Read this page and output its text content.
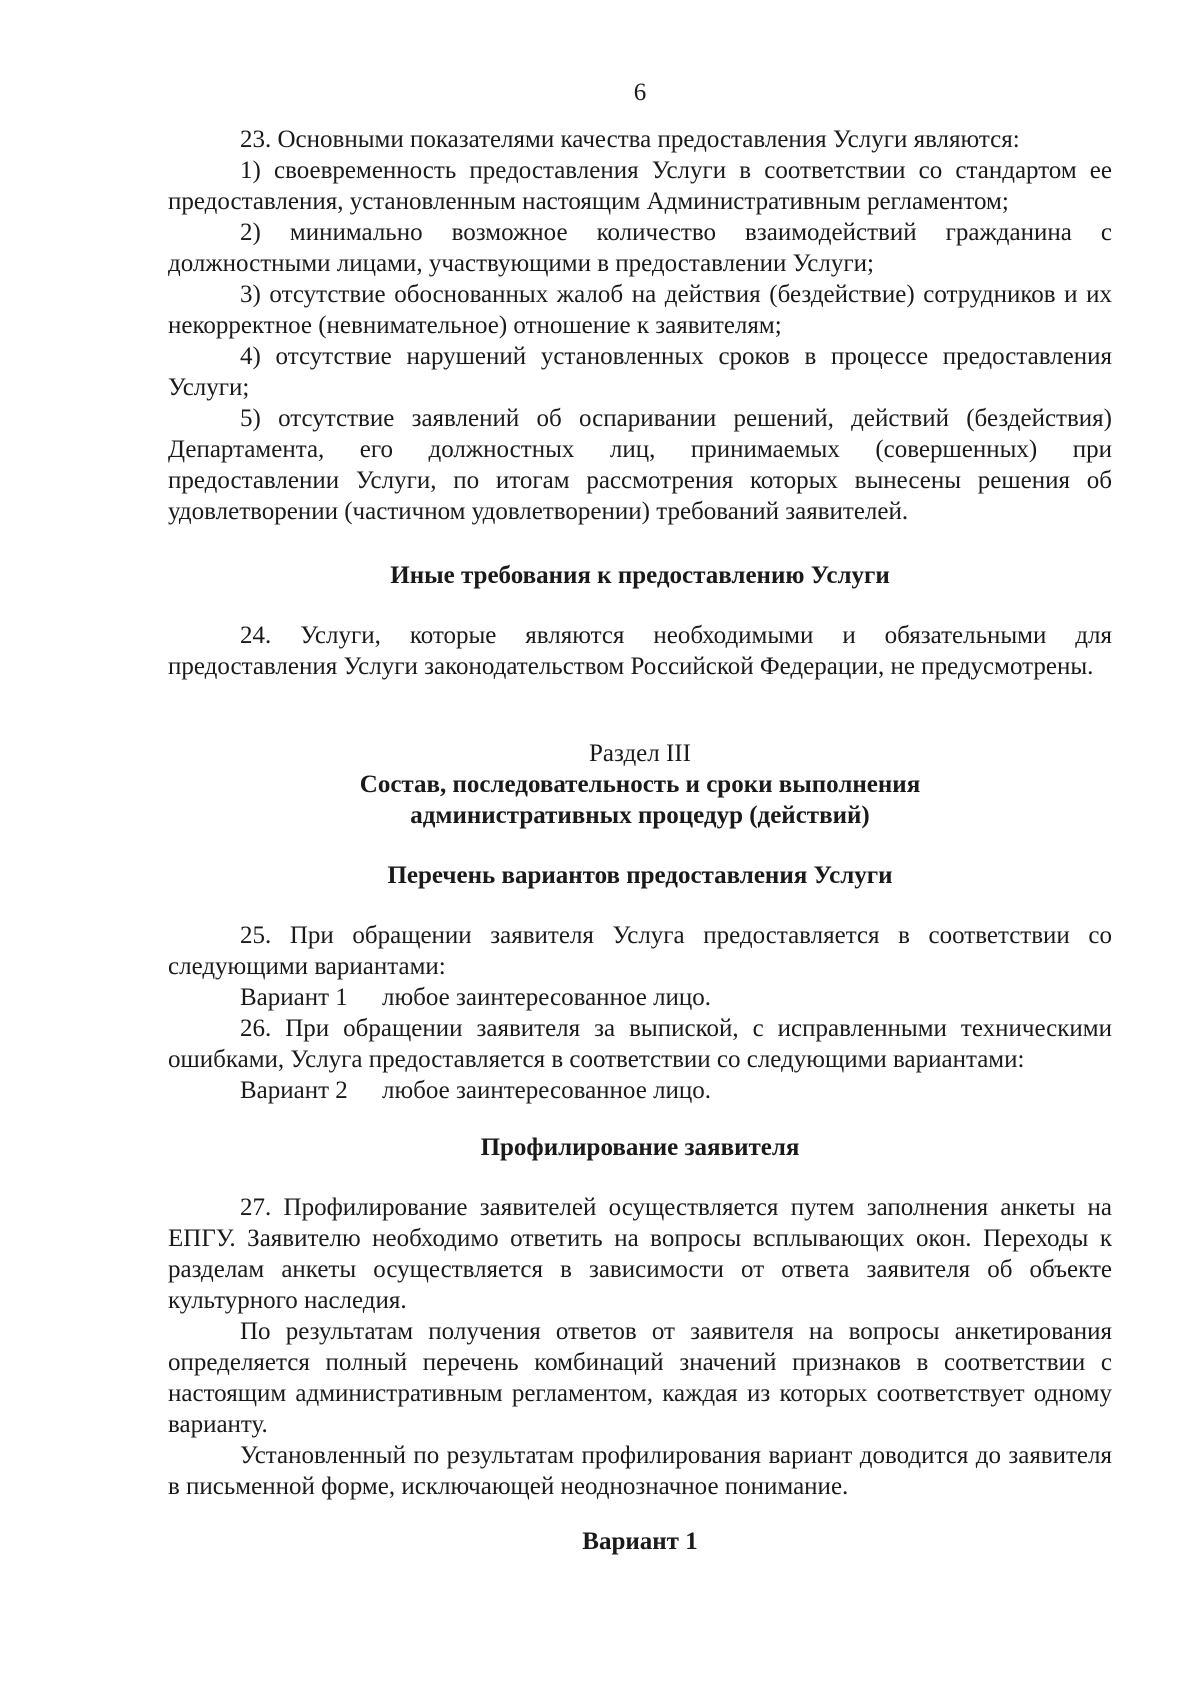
6

23. Основными показателями качества предоставления Услуги являются:

1) своевременность предоставления Услуги в соответствии со стандартом ее предоставления, установленным настоящим Административным регламентом;

2) минимально возможное количество взаимодействий гражданина с должностными лицами, участвующими в предоставлении Услуги;

3) отсутствие обоснованных жалоб на действия (бездействие) сотрудников и их некорректное (невнимательное) отношение к заявителям;

4) отсутствие нарушений установленных сроков в процессе предоставления Услуги;

5) отсутствие заявлений об оспаривании решений, действий (бездействия) Департамента, его должностных лиц, принимаемых (совершенных) при предоставлении Услуги, по итогам рассмотрения которых вынесены решения об удовлетворении (частичном удовлетворении) требований заявителей.

Иные требования к предоставлению Услуги

24. Услуги, которые являются необходимыми и обязательными для предоставления Услуги законодательством Российской Федерации, не предусмотрены.

Раздел III

Состав, последовательность и сроки выполнения

административных процедур (действий)

Перечень вариантов предоставления Услуги

25. При обращении заявителя Услуга предоставляется в соответствии со следующими вариантами:

Вариант 1 любое заинтересованное лицо.

26. При обращении заявителя за выпиской, с исправленными техническими ошибками, Услуга предоставляется в соответствии со следующими вариантами:

Вариант 2 любое заинтересованное лицо.

Профилирование заявителя

27. Профилирование заявителей осуществляется путем заполнения анкеты на ЕПГУ. Заявителю необходимо ответить на вопросы всплывающих окон. Переходы к разделам анкеты осуществляется в зависимости от ответа заявителя об объекте культурного наследия.

По результатам получения ответов от заявителя на вопросы анкетирования определяется полный перечень комбинаций значений признаков в соответствии с настоящим административным регламентом, каждая из которых соответствует одному варианту.

Установленный по результатам профилирования вариант доводится до заявителя в письменной форме, исключающей неоднозначное понимание.

Вариант 1
